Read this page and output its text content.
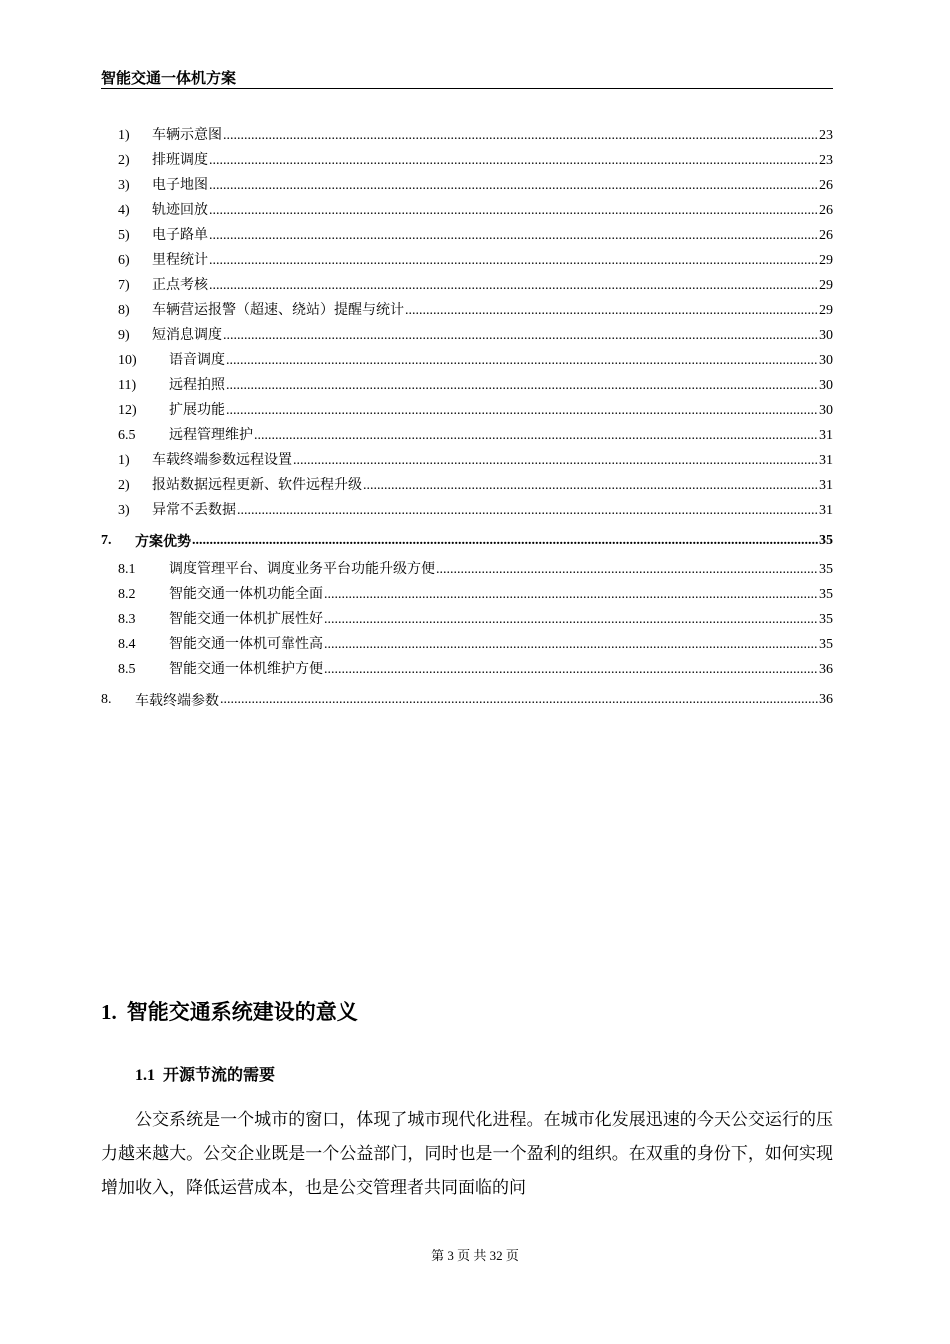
智能交通一体机方案
1)	车辆示意图 .....	23
2)	排班调度 .....	23
3)	电子地图 .....	26
4)	轨迹回放 .....	26
5)	电子路单 .....	26
6)	里程统计 .....	29
7)	正点考核 .....	29
8)	车辆营运报警（超速、绕站）提醒与统计 .....	29
9)	短消息调度 .....	30
10)	语音调度 .....	30
11)	远程拍照 .....	30
12)	扩展功能 .....	30
6.5	远程管理维护 .....	31
1)	车载终端参数远程设置 .....	31
2)	报站数据远程更新、软件远程升级 .....	31
3)	异常不丢数据 .....	31
7.	方案优势 .....	35
8.1	调度管理平台、调度业务平台功能升级方便 .....	35
8.2	智能交通一体机功能全面 .....	35
8.3	智能交通一体机扩展性好 .....	35
8.4	智能交通一体机可靠性高 .....	35
8.5	智能交通一体机维护方便 .....	36
8.	车载终端参数 .....	36
1. 智能交通系统建设的意义
1.1 开源节流的需要
公交系统是一个城市的窗口，体现了城市现代化进程。在城市化发展迅速的今天公交运行的压力越来越大。公交企业既是一个公益部门，同时也是一个盈利的组织。在双重的身份下，如何实现增加收入，降低运营成本，也是公交管理者共同面临的问
第 3 页 共 32 页
